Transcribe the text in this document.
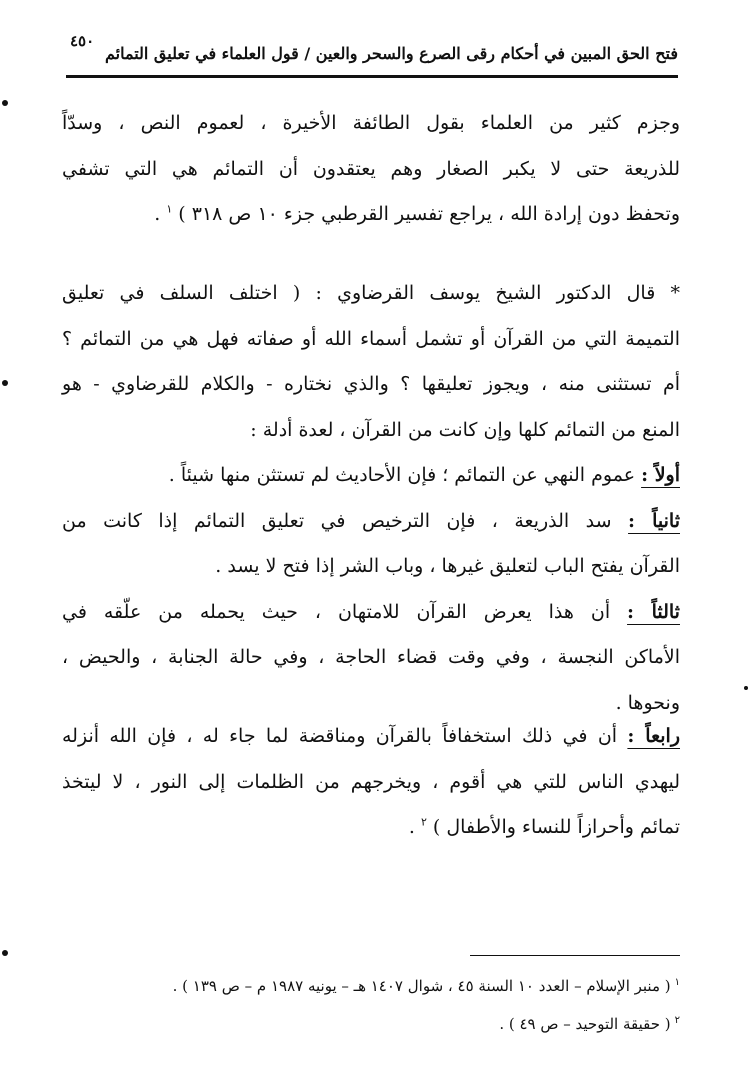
٤٥٠
فتح الحق المبين في أحكام رقى الصرع والسحر والعين / قول العلماء في تعليق التمائم
وجزم كثير من العلماء بقول الطائفة الأخيرة ، لعموم النص ، وسدّاً
للذريعة حتى لا يكبر الصغار وهم يعتقدون أن التمائم هي التي تشفي
وتحفظ دون إرادة الله ، يراجع تفسير القرطبي جزء ١٠ ص ٣١٨ ) $^١$ .
* قال الدكتور الشيخ يوسف القرضاوي : ( اختلف السلف في تعليق
التميمة التي من القرآن أو تشمل أسماء الله أو صفاته فهل هي من التمائم ؟
أم تستثنى منه ، ويجوز تعليقها ؟ والذي نختاره - والكلام للقرضاوي - هو
المنع من التمائم كلها وإن كانت من القرآن ، لعدة أدلة :
أولاً : عموم النهي عن التمائم ؛ فإن الأحاديث لم تستثن منها شيئاً .
ثانياً : سد الذريعة ، فإن الترخيص في تعليق التمائم إذا كانت من
القرآن يفتح الباب لتعليق غيرها ، وباب الشر إذا فتح لا يسد .
ثالثاً : أن هذا يعرض القرآن للامتهان ، حيث يحمله من علّقه في
الأماكن النجسة ، وفي وقت قضاء الحاجة ، وفي حالة الجنابة ، والحيض ،
ونحوها .
رابعاً : أن في ذلك استخفافاً بالقرآن ومناقضة لما جاء له ، فإن الله أنزله
ليهدي الناس للتي هي أقوم ، ويخرجهم من الظلمات إلى النور ، لا ليتخذ
تمائم وأحرازاً للنساء والأطفال ) $^٢$ .
$^١$( منبر الإسلام – العدد ١٠ السنة ٤٥ ، شوال ١٤٠٧ هـ – يونيه ١٩٨٧ م – ص ١٣٩ ) .
$^٢$( حقيقة التوحيد – ص ٤٩ ) .
